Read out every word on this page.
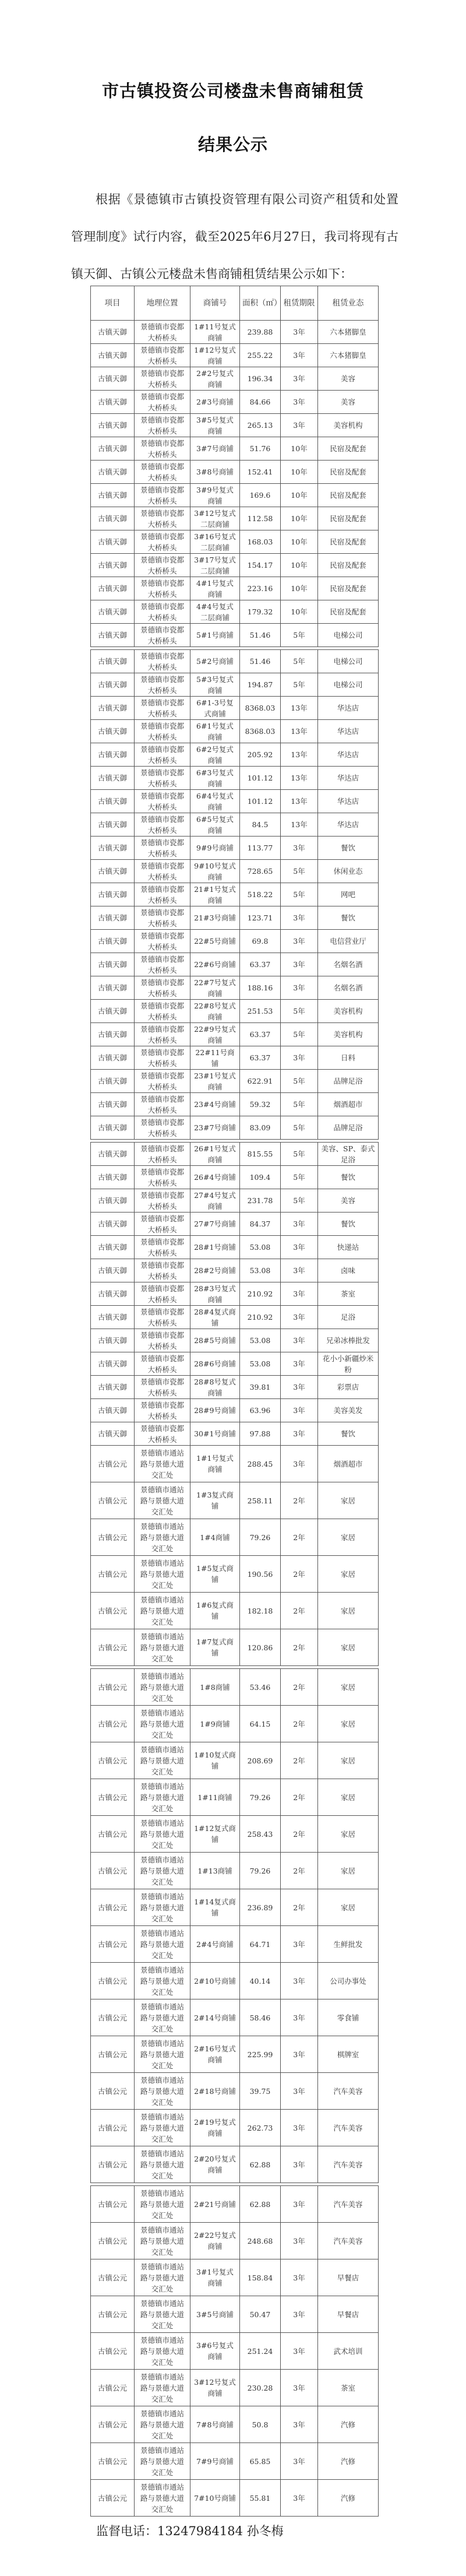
市古镇投资公司楼盘未售商铺租赁
结果公示
根据《景德镇市古镇投资管理有限公司资产租赁和处置管理制度》试行内容，截至2025年6月27日，我司将现有古镇天御、古镇公元楼盘未售商铺租赁结果公示如下：
项目	地理位置	商铺号	面积（㎡）	租赁期限	租赁业态
古镇天御	景德镇市瓷都大桥桥头	1#11号复式商铺	239.88	3年	六本猪脚皇
古镇天御	景德镇市瓷都大桥桥头	1#12号复式商铺	255.22	3年	六本猪脚皇
古镇天御	景德镇市瓷都大桥桥头	2#2号复式商铺	196.34	3年	美容
古镇天御	景德镇市瓷都大桥桥头	2#3号商铺	84.66	3年	美容
古镇天御	景德镇市瓷都大桥桥头	3#5号复式商铺	265.13	3年	美容机构
古镇天御	景德镇市瓷都大桥桥头	3#7号商铺	51.76	10年	民宿及配套
古镇天御	景德镇市瓷都大桥桥头	3#8号商铺	152.41	10年	民宿及配套
古镇天御	景德镇市瓷都大桥桥头	3#9号复式商铺	169.6	10年	民宿及配套
古镇天御	景德镇市瓷都大桥桥头	3#12号复式二层商铺	112.58	10年	民宿及配套
古镇天御	景德镇市瓷都大桥桥头	3#16号复式二层商铺	168.03	10年	民宿及配套
古镇天御	景德镇市瓷都大桥桥头	3#17号复式二层商铺	154.17	10年	民宿及配套
古镇天御	景德镇市瓷都大桥桥头	4#1号复式商铺	223.16	10年	民宿及配套
古镇天御	景德镇市瓷都大桥桥头	4#4号复式二层商铺	179.32	10年	民宿及配套
古镇天御	景德镇市瓷都大桥桥头	5#1号商铺	51.46	5年	电梯公司

古镇天御	景德镇市瓷都大桥桥头	5#2号商铺	51.46	5年	电梯公司
古镇天御	景德镇市瓷都大桥桥头	5#3号复式商铺	194.87	5年	电梯公司
古镇天御	景德镇市瓷都大桥桥头	6#1-3号复式商铺	8368.03	13年	华达店
古镇天御	景德镇市瓷都大桥桥头	6#1号复式商铺	8368.03	13年	华达店
古镇天御	景德镇市瓷都大桥桥头	6#2号复式商铺	205.92	13年	华达店
古镇天御	景德镇市瓷都大桥桥头	6#3号复式商铺	101.12	13年	华达店
古镇天御	景德镇市瓷都大桥桥头	6#4号复式商铺	101.12	13年	华达店
古镇天御	景德镇市瓷都大桥桥头	6#5号复式商铺	84.5	13年	华达店
古镇天御	景德镇市瓷都大桥桥头	9#9号商铺	113.77	3年	餐饮
古镇天御	景德镇市瓷都大桥桥头	9#10号复式商铺	728.65	5年	休闲业态
古镇天御	景德镇市瓷都大桥桥头	21#1号复式商铺	518.22	5年	网吧
古镇天御	景德镇市瓷都大桥桥头	21#3号商铺	123.71	3年	餐饮
古镇天御	景德镇市瓷都大桥桥头	22#5号商铺	69.8	3年	电信营业厅
古镇天御	景德镇市瓷都大桥桥头	22#6号商铺	63.37	3年	名烟名酒
古镇天御	景德镇市瓷都大桥桥头	22#7号复式商铺	188.16	3年	名烟名酒
古镇天御	景德镇市瓷都大桥桥头	22#8号复式商铺	251.53	5年	美容机构
古镇天御	景德镇市瓷都大桥桥头	22#9号复式商铺	63.37	5年	美容机构
古镇天御	景德镇市瓷都大桥桥头	22#11号商铺	63.37	3年	日料
古镇天御	景德镇市瓷都大桥桥头	23#1号复式商铺	622.91	5年	品牌足浴
古镇天御	景德镇市瓷都大桥桥头	23#4号商铺	59.32	5年	烟酒超市
古镇天御	景德镇市瓷都大桥桥头	23#7号商铺	83.09	5年	品牌足浴

古镇天御	景德镇市瓷都大桥桥头	26#1号复式商铺	815.55	5年	美容、SP、泰式足浴
古镇天御	景德镇市瓷都大桥桥头	26#4号商铺	109.4	5年	餐饮
古镇天御	景德镇市瓷都大桥桥头	27#4号复式商铺	231.78	5年	美容
古镇天御	景德镇市瓷都大桥桥头	27#7号商铺	84.37	3年	餐饮
古镇天御	景德镇市瓷都大桥桥头	28#1号商铺	53.08	3年	快递站
古镇天御	景德镇市瓷都大桥桥头	28#2号商铺	53.08	3年	卤味
古镇天御	景德镇市瓷都大桥桥头	28#3号复式商铺	210.92	3年	茶室
古镇天御	景德镇市瓷都大桥桥头	28#4复式商铺	210.92	3年	足浴
古镇天御	景德镇市瓷都大桥桥头	28#5号商铺	53.08	3年	兄弟冰棒批发
古镇天御	景德镇市瓷都大桥桥头	28#6号商铺	53.08	3年	花小小新疆炒米粉
古镇天御	景德镇市瓷都大桥桥头	28#8号复式商铺	39.81	3年	彩票店
古镇天御	景德镇市瓷都大桥桥头	28#9号商铺	63.96	3年	美容美发
古镇天御	景德镇市瓷都大桥桥头	30#1号商铺	97.88	3年	餐饮
古镇公元	景德镇市通站路与景德大道交汇处	1#1号复式商铺	288.45	3年	烟酒超市
古镇公元	景德镇市通站路与景德大道交汇处	1#3复式商铺	258.11	2年	家居
古镇公元	景德镇市通站路与景德大道交汇处	1#4商铺	79.26	2年	家居
古镇公元	景德镇市通站路与景德大道交汇处	1#5复式商铺	190.56	2年	家居
古镇公元	景德镇市通站路与景德大道交汇处	1#6复式商铺	182.18	2年	家居
古镇公元	景德镇市通站路与景德大道交汇处	1#7复式商铺	120.86	2年	家居

古镇公元	景德镇市通站路与景德大道交汇处	1#8商铺	53.46	2年	家居
古镇公元	景德镇市通站路与景德大道交汇处	1#9商铺	64.15	2年	家居
古镇公元	景德镇市通站路与景德大道交汇处	1#10复式商铺	208.69	2年	家居
古镇公元	景德镇市通站路与景德大道交汇处	1#11商铺	79.26	2年	家居
古镇公元	景德镇市通站路与景德大道交汇处	1#12复式商铺	258.43	2年	家居
古镇公元	景德镇市通站路与景德大道交汇处	1#13商铺	79.26	2年	家居
古镇公元	景德镇市通站路与景德大道交汇处	1#14复式商铺	236.89	2年	家居
古镇公元	景德镇市通站路与景德大道交汇处	2#4号商铺	64.71	3年	生鲜批发
古镇公元	景德镇市通站路与景德大道交汇处	2#10号商铺	40.14	3年	公司办事处
古镇公元	景德镇市通站路与景德大道交汇处	2#14号商铺	58.46	3年	零食铺
古镇公元	景德镇市通站路与景德大道交汇处	2#16号复式商铺	225.99	3年	棋牌室
古镇公元	景德镇市通站路与景德大道交汇处	2#18号商铺	39.75	3年	汽车美容
古镇公元	景德镇市通站路与景德大道交汇处	2#19号复式商铺	262.73	3年	汽车美容
古镇公元	景德镇市通站路与景德大道交汇处	2#20号复式商铺	62.88	3年	汽车美容

古镇公元	景德镇市通站路与景德大道交汇处	2#21号商铺	62.88	3年	汽车美容
古镇公元	景德镇市通站路与景德大道交汇处	2#22号复式商铺	248.68	3年	汽车美容
古镇公元	景德镇市通站路与景德大道交汇处	3#1号复式商铺	158.84	3年	早餐店
古镇公元	景德镇市通站路与景德大道交汇处	3#5号商铺	50.47	3年	早餐店
古镇公元	景德镇市通站路与景德大道交汇处	3#6号复式商铺	251.24	3年	武术培训
古镇公元	景德镇市通站路与景德大道交汇处	3#12号复式商铺	230.28	3年	茶室
古镇公元	景德镇市通站路与景德大道交汇处	7#8号商铺	50.8	3年	汽修
古镇公元	景德镇市通站路与景德大道交汇处	7#9号商铺	65.85	3年	汽修
古镇公元	景德镇市通站路与景德大道交汇处	7#10号商铺	55.81	3年	汽修
监督电话：13247984184 孙冬梅
